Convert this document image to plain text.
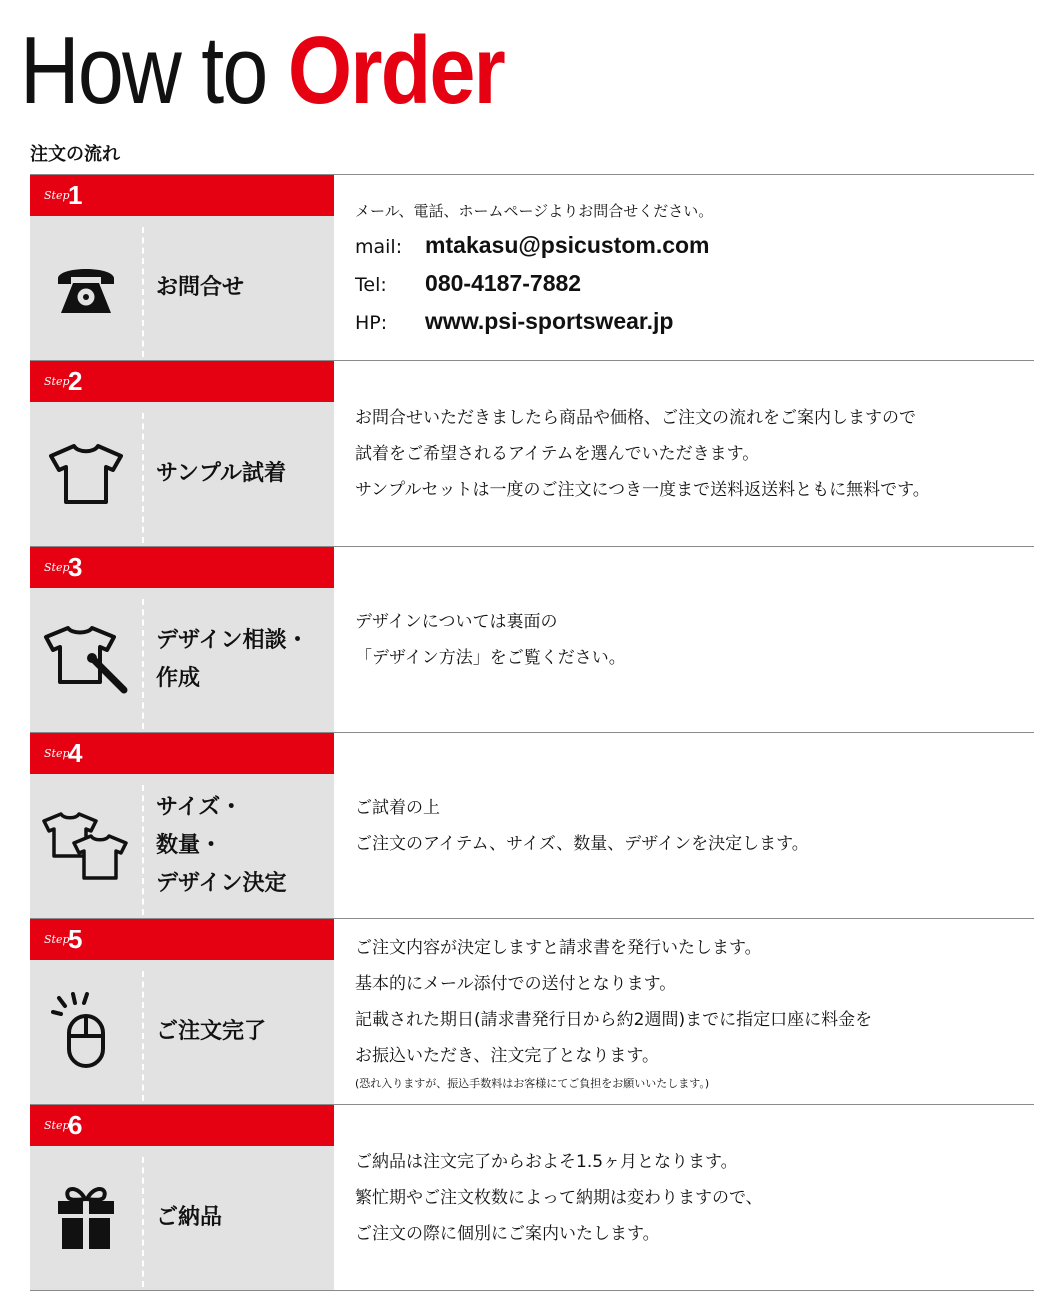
How to Order
注文の流れ
Step
1
お問合せ
メール、電話、ホームページよりお問合せください。
mail: mtakasu@psicustom.com
Tel: 080-4187-7882
HP: www.psi-sportswear.jp
Step
2
サンプル試着
お問合せいただきましたら商品や価格、ご注文の流れをご案内しますので
試着をご希望されるアイテムを選んでいただきます。
サンプルセットは一度のご注文につき一度まで送料返送料ともに無料です。
Step
3
デザイン相談・
作成
デザインについては裏面の
「デザイン方法」をご覧ください。
Step
4
サイズ・
数量・
デザイン決定
ご試着の上
ご注文のアイテム、サイズ、数量、デザインを決定します。
Step
5
ご注文完了
ご注文内容が決定しますと請求書を発行いたします。
基本的にメール添付での送付となります。
記載された期日(請求書発行日から約2週間)までに指定口座に料金を
お振込いただき、注文完了となります。
(恐れ入りますが、振込手数料はお客様にてご負担をお願いいたします。)
Step
6
ご納品
ご納品は注文完了からおよそ1.5ヶ月となります。
繁忙期やご注文枚数によって納期は変わりますので、
ご注文の際に個別にご案内いたします。
